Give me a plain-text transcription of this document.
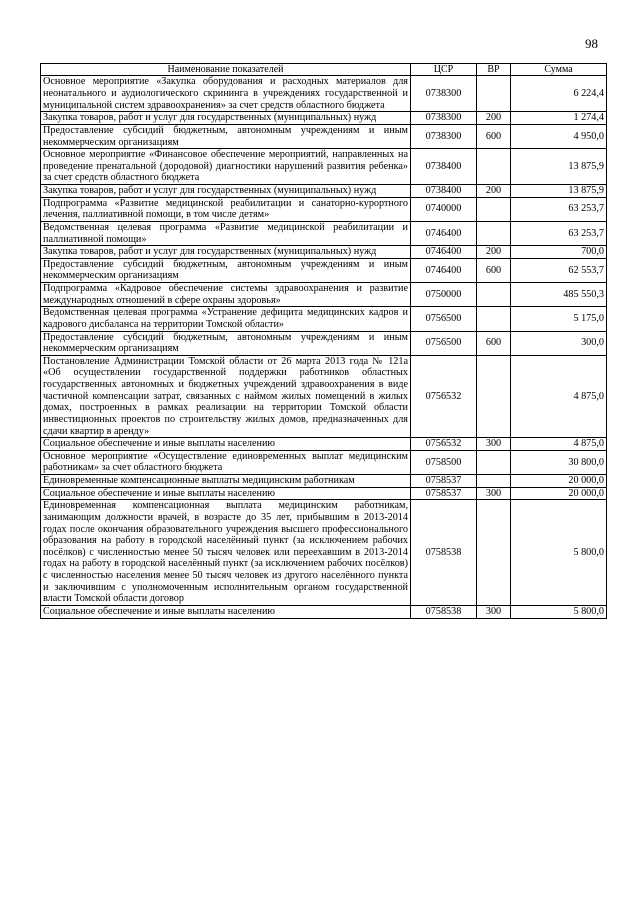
98
Наименование показателей	ЦСР	ВР	Сумма
Основное мероприятие «Закупка оборудования и расходных материалов для неонатального и аудиологического скрининга в учреждениях государственной и муниципальной систем здравоохранения» за счет средств областного бюджета	0738300		6 224,4
Закупка товаров, работ и услуг для государственных (муниципальных) нужд	0738300	200	1 274,4
Предоставление субсидий бюджетным, автономным учреждениям и иным некоммерческим организациям	0738300	600	4 950,0
Основное мероприятие «Финансовое обеспечение мероприятий, направленных на проведение пренатальной (дородовой) диагностики нарушений развития ребенка» за счет средств областного бюджета	0738400		13 875,9
Закупка товаров, работ и услуг для государственных (муниципальных) нужд	0738400	200	13 875,9
Подпрограмма «Развитие медицинской реабилитации и санаторно-курортного лечения, паллиативной помощи, в том числе детям»	0740000		63 253,7
Ведомственная целевая программа «Развитие медицинской реабилитации и паллиативной помощи»	0746400		63 253,7
Закупка товаров, работ и услуг для государственных (муниципальных) нужд	0746400	200	700,0
Предоставление субсидий бюджетным, автономным учреждениям и иным некоммерческим организациям	0746400	600	62 553,7
Подпрограмма «Кадровое обеспечение системы здравоохранения и развитие международных отношений в сфере охраны здоровья»	0750000		485 550,3
Ведомственная целевая программа «Устранение дефицита медицинских кадров и кадрового дисбаланса на территории Томской области»	0756500		5 175,0
Предоставление субсидий бюджетным, автономным учреждениям и иным некоммерческим организациям	0756500	600	300,0
Постановление Администрации Томской области от 26 марта 2013 года № 121а «Об осуществлении государственной поддержки работников областных государственных автономных и бюджетных учреждений здравоохранения в виде частичной компенсации затрат, связанных с наймом жилых помещений в жилых домах, построенных в рамках реализации на территории Томской области инвестиционных проектов по строительству жилых домов, предназначенных для сдачи квартир в аренду»	0756532		4 875,0
Социальное обеспечение и иные выплаты населению	0756532	300	4 875,0
Основное мероприятие «Осуществление единовременных выплат медицинским работникам» за счет областного бюджета	0758500		30 800,0
Единовременные компенсационные выплаты медицинским работникам	0758537		20 000,0
Социальное обеспечение и иные выплаты населению	0758537	300	20 000,0
Единовременная компенсационная выплата медицинским работникам, занимающим должности врачей, в возрасте до 35 лет, прибывшим в 2013-2014 годах после окончания образовательного учреждения высшего профессионального образования на работу в городской населённый пункт (за исключением рабочих посёлков) с численностью менее 50 тысяч человек или переехавшим в 2013-2014 годах на работу в городской населённый пункт (за исключением рабочих посёлков) с численностью населения менее 50 тысяч человек из другого населённого пункта и заключившим с уполномоченным исполнительным органом государственной власти Томской области договор	0758538		5 800,0
Социальное обеспечение и иные выплаты населению	0758538	300	5 800,0
